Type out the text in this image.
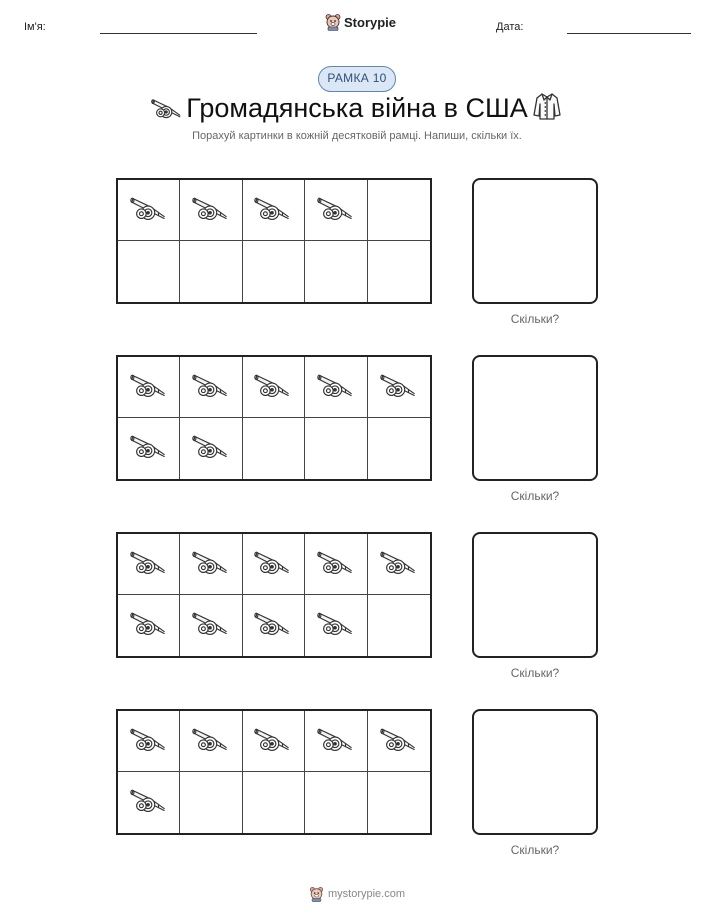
Ім'я:	Storypie	Дата:
РАМКА 10
Громадянська війна в США
Порахуй картинки в кожній десятковій рамці. Напиши, скільки їх.
Скільки?
Скільки?
Скільки?
Скільки?
mystorypie.com
